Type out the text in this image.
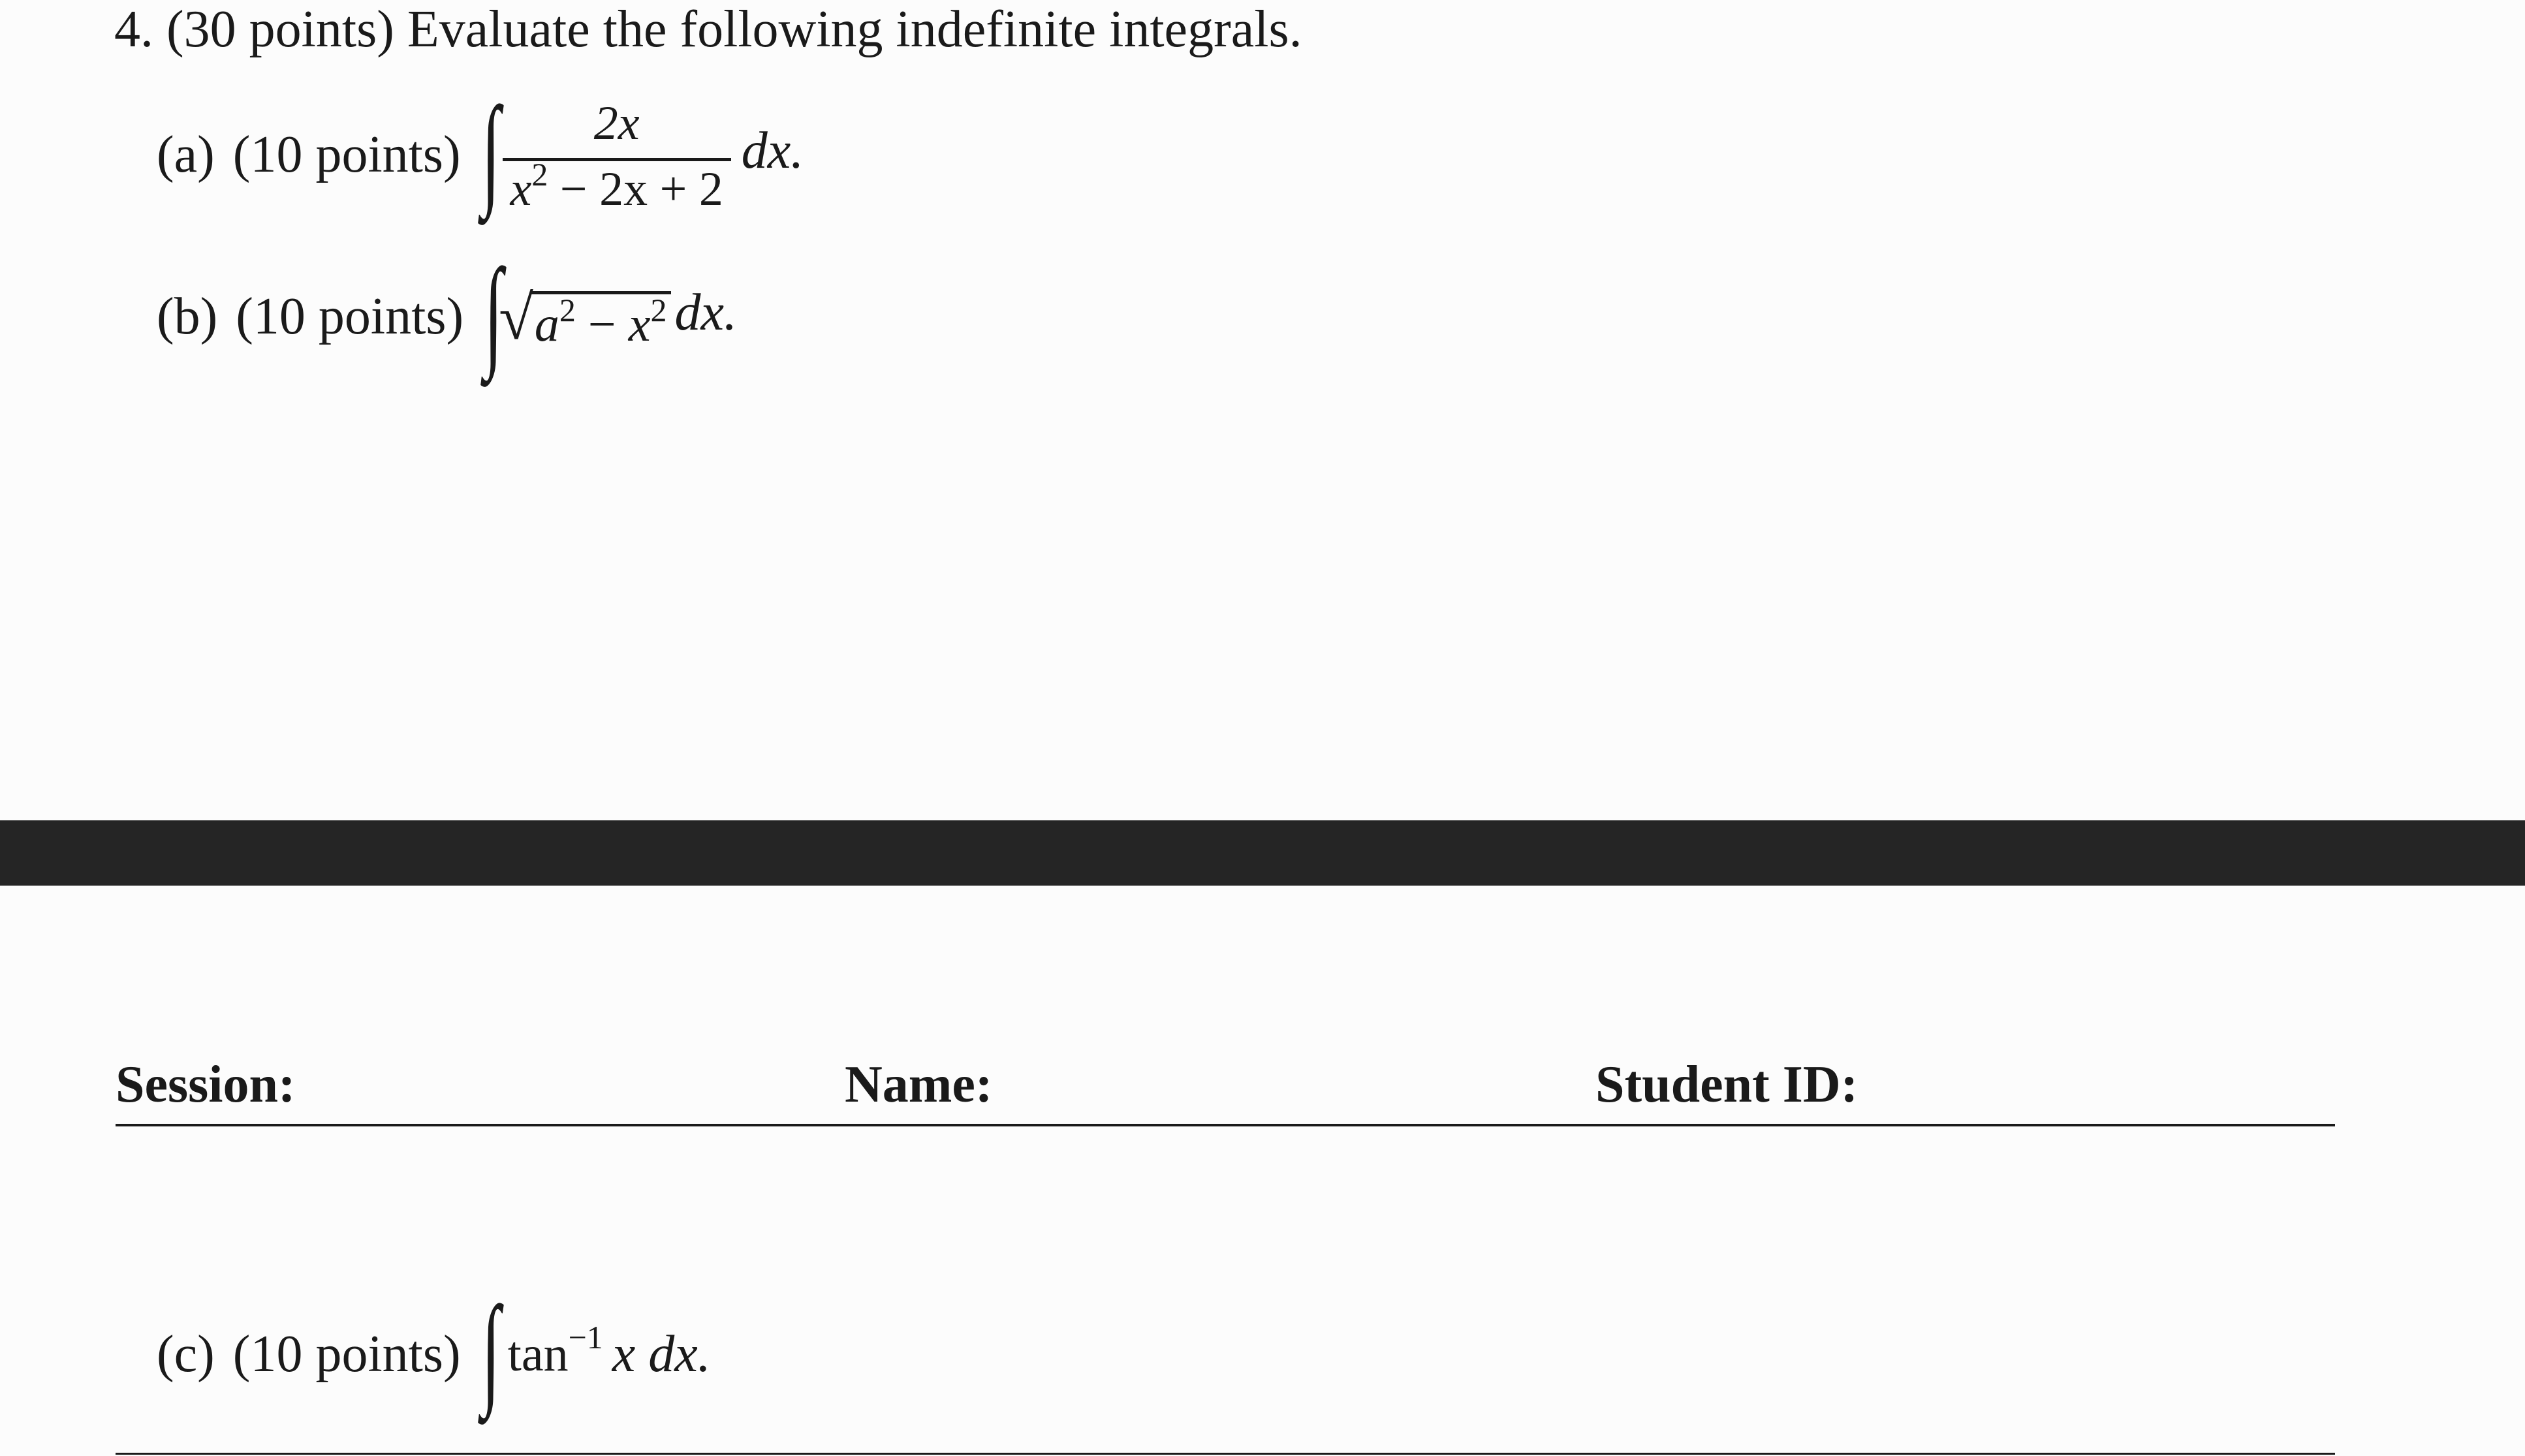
4. (30 points) Evaluate the following indefinite integrals.
(a) (10 points) ∫ 2x
$x^2 - 2x + 2$
dx.
(b) (10 points) ∫
√ $a^2 - x^2$ dx.
Session:	Name:	Student ID:
(c) (10 points) ∫ $\tan^{-1} x$ dx.
